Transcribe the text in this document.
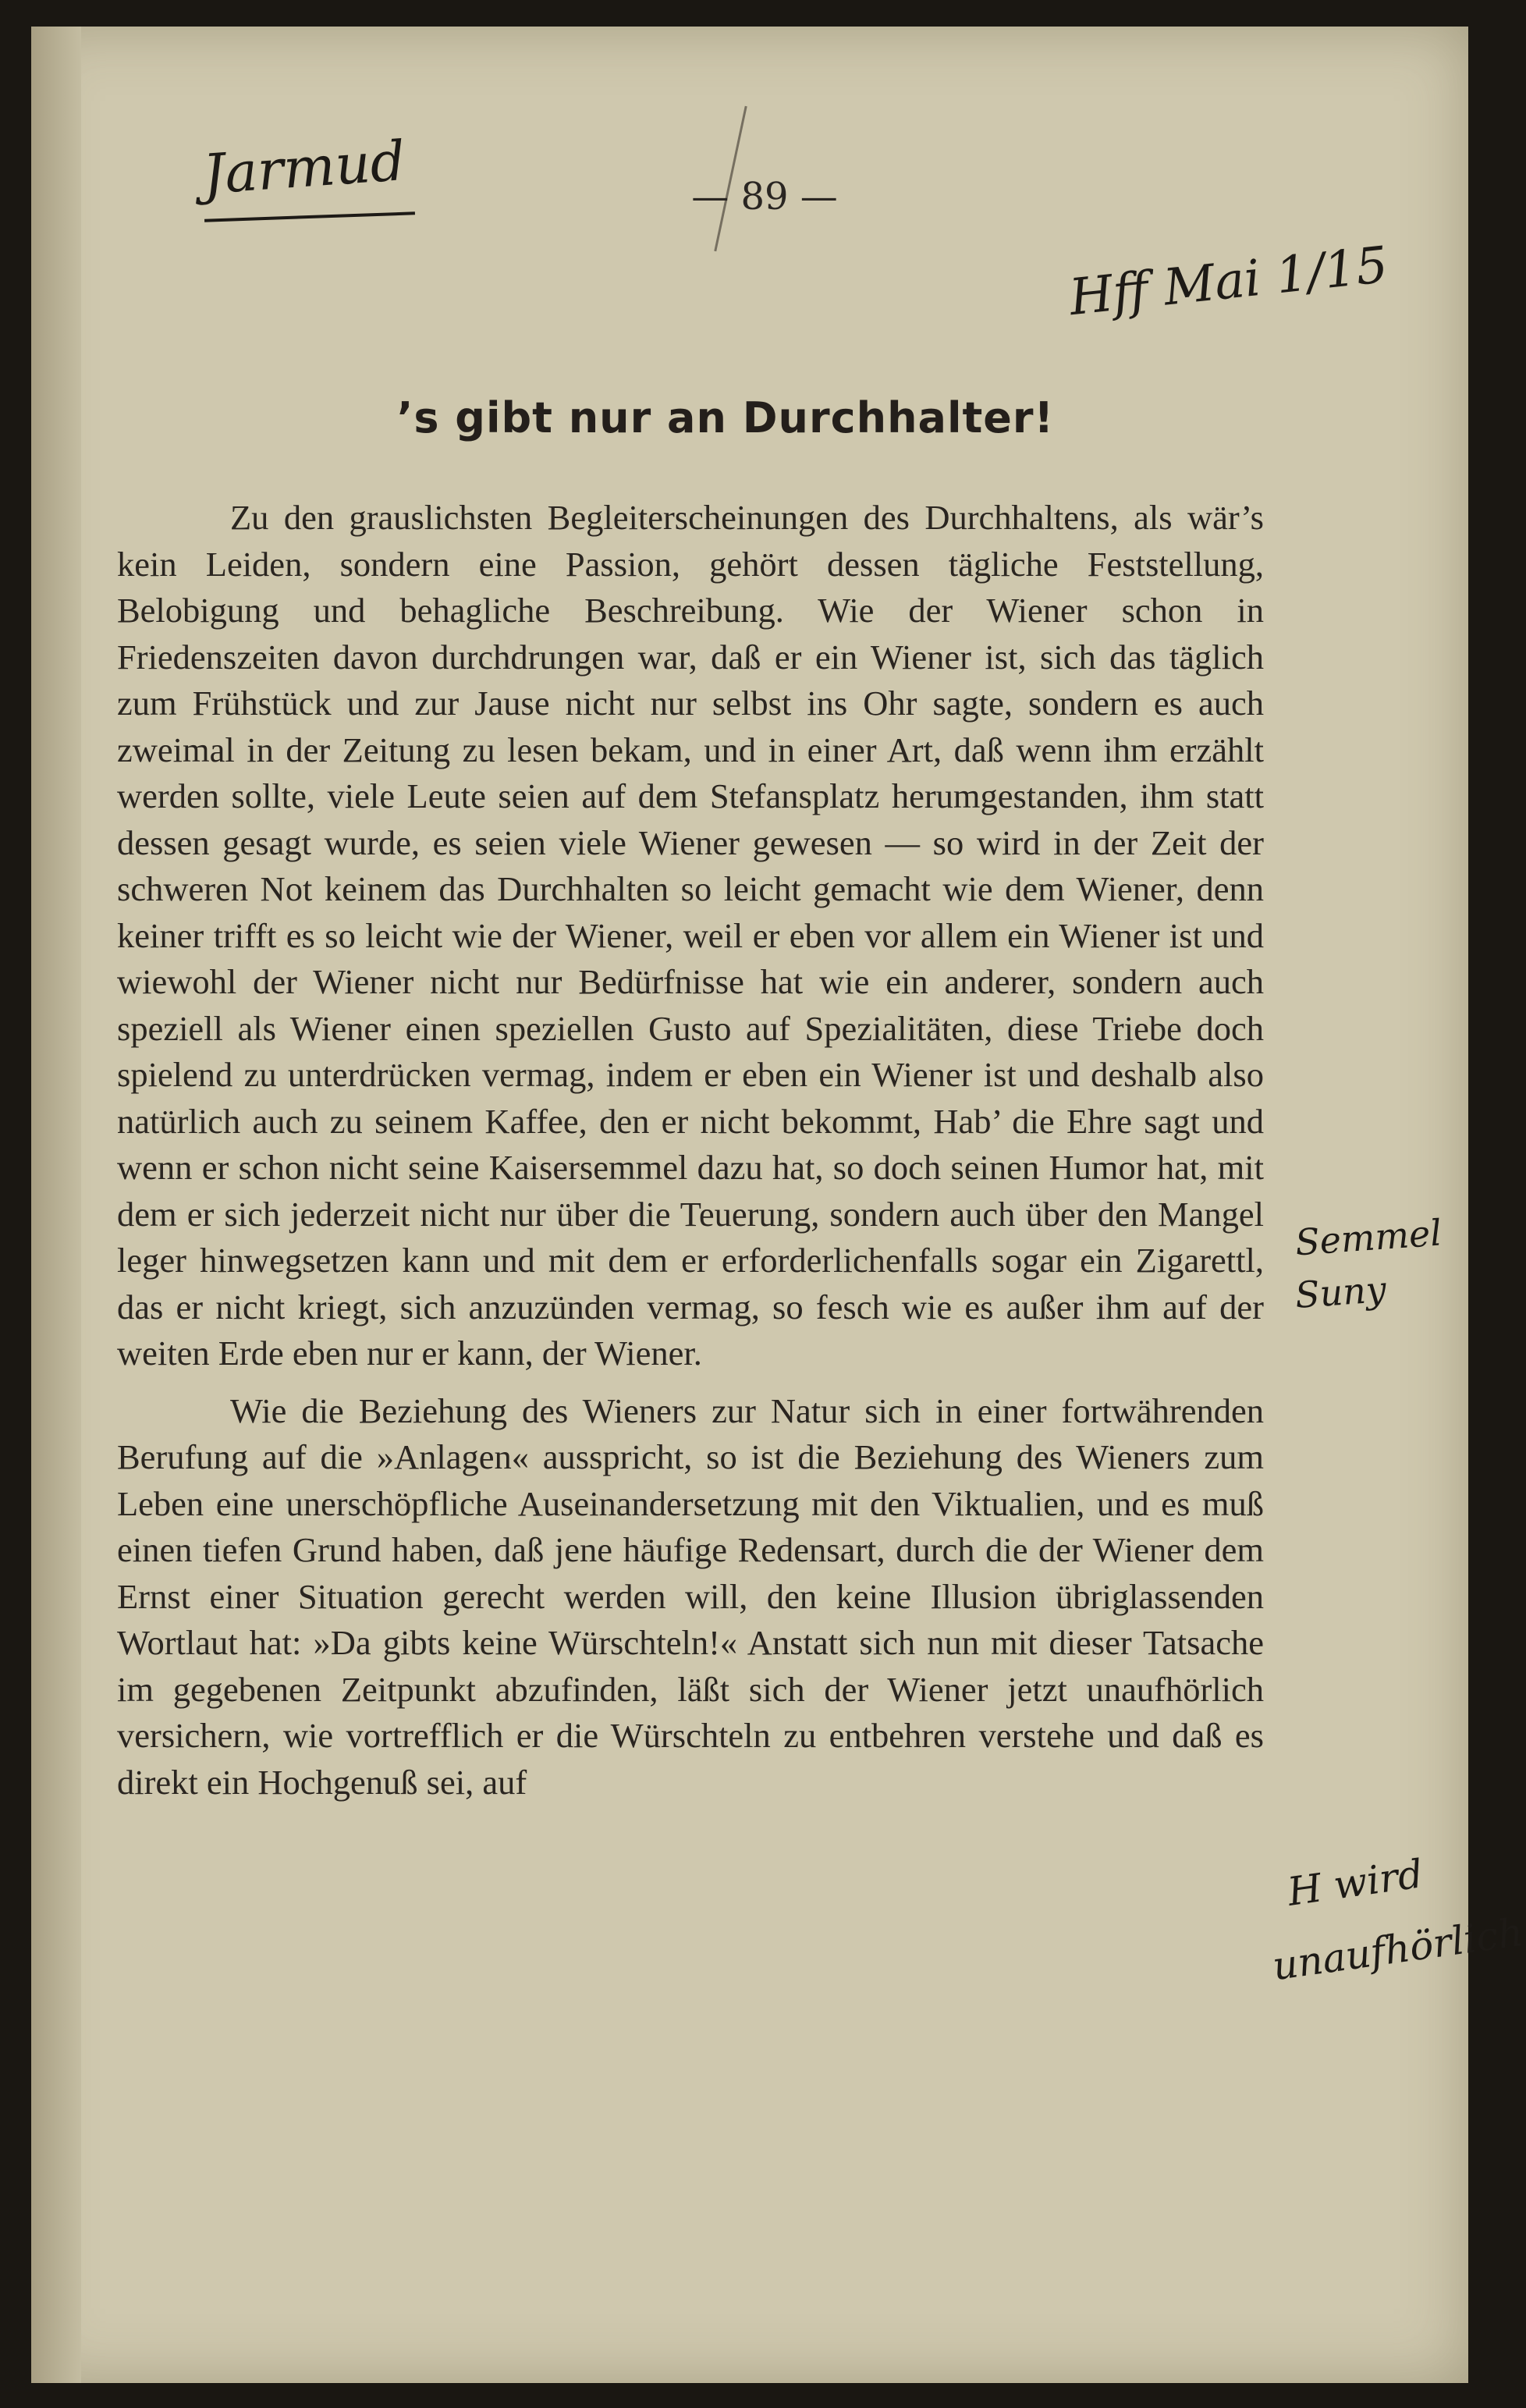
Jarmud
Hff Mai 1/15
— 89 —
’s gibt nur an Durchhalter!

Zu den grauslichsten Begleiterscheinungen des Durchhaltens, als wär’s kein Leiden, sondern eine Passion, gehört dessen tägliche Feststellung, Belobigung und behagliche Beschreibung. Wie der Wiener schon in Friedenszeiten davon durchdrungen war, daß er ein Wiener ist, sich das täglich zum Frühstück und zur Jause nicht nur selbst ins Ohr sagte, sondern es auch zweimal in der Zeitung zu lesen bekam, und in einer Art, daß wenn ihm erzählt werden sollte, viele Leute seien auf dem Stefansplatz herumgestanden, ihm statt dessen gesagt wurde, es seien viele Wiener gewesen — so wird in der Zeit der schweren Not keinem das Durchhalten so leicht gemacht wie dem Wiener, denn keiner trifft es so leicht wie der Wiener, weil er eben vor allem ein Wiener ist und wiewohl der Wiener nicht nur Bedürfnisse hat wie ein anderer, sondern auch speziell als Wiener einen speziellen Gusto auf Spezialitäten, diese Triebe doch spielend zu unterdrücken vermag, indem er eben ein Wiener ist und deshalb also natürlich auch zu seinem Kaffee, den er nicht bekommt, Hab’ die Ehre sagt und wenn er schon nicht seine Kaisersemmel dazu hat, so doch seinen Humor hat, mit dem er sich jederzeit nicht nur über die Teuerung, sondern auch über den Mangel leger hinwegsetzen kann und mit dem er erforderlichenfalls sogar ein Zigarettl, das er nicht kriegt, sich anzuzünden vermag, so fesch wie es außer ihm auf der weiten Erde eben nur er kann, der Wiener.

Wie die Beziehung des Wieners zur Natur sich in einer fortwährenden Berufung auf die »Anlagen« ausspricht, so ist die Beziehung des Wieners zum Leben eine unerschöpfliche Auseinandersetzung mit den Viktualien, und es muß einen tiefen Grund haben, daß jene häufige Redensart, durch die der Wiener dem Ernst einer Situation gerecht werden will, den keine Illusion übriglassenden Wortlaut hat: »Da gibts keine Würschteln!« Anstatt sich nun mit dieser Tatsache im gegebenen Zeitpunkt abzufinden, läßt sich der Wiener jetzt unaufhörlich versichern, wie vortrefflich er die Würschteln zu entbehren verstehe und daß es direkt ein Hochgenuß sei, auf

Semmel
Suny
H wird
unaufhörlich
